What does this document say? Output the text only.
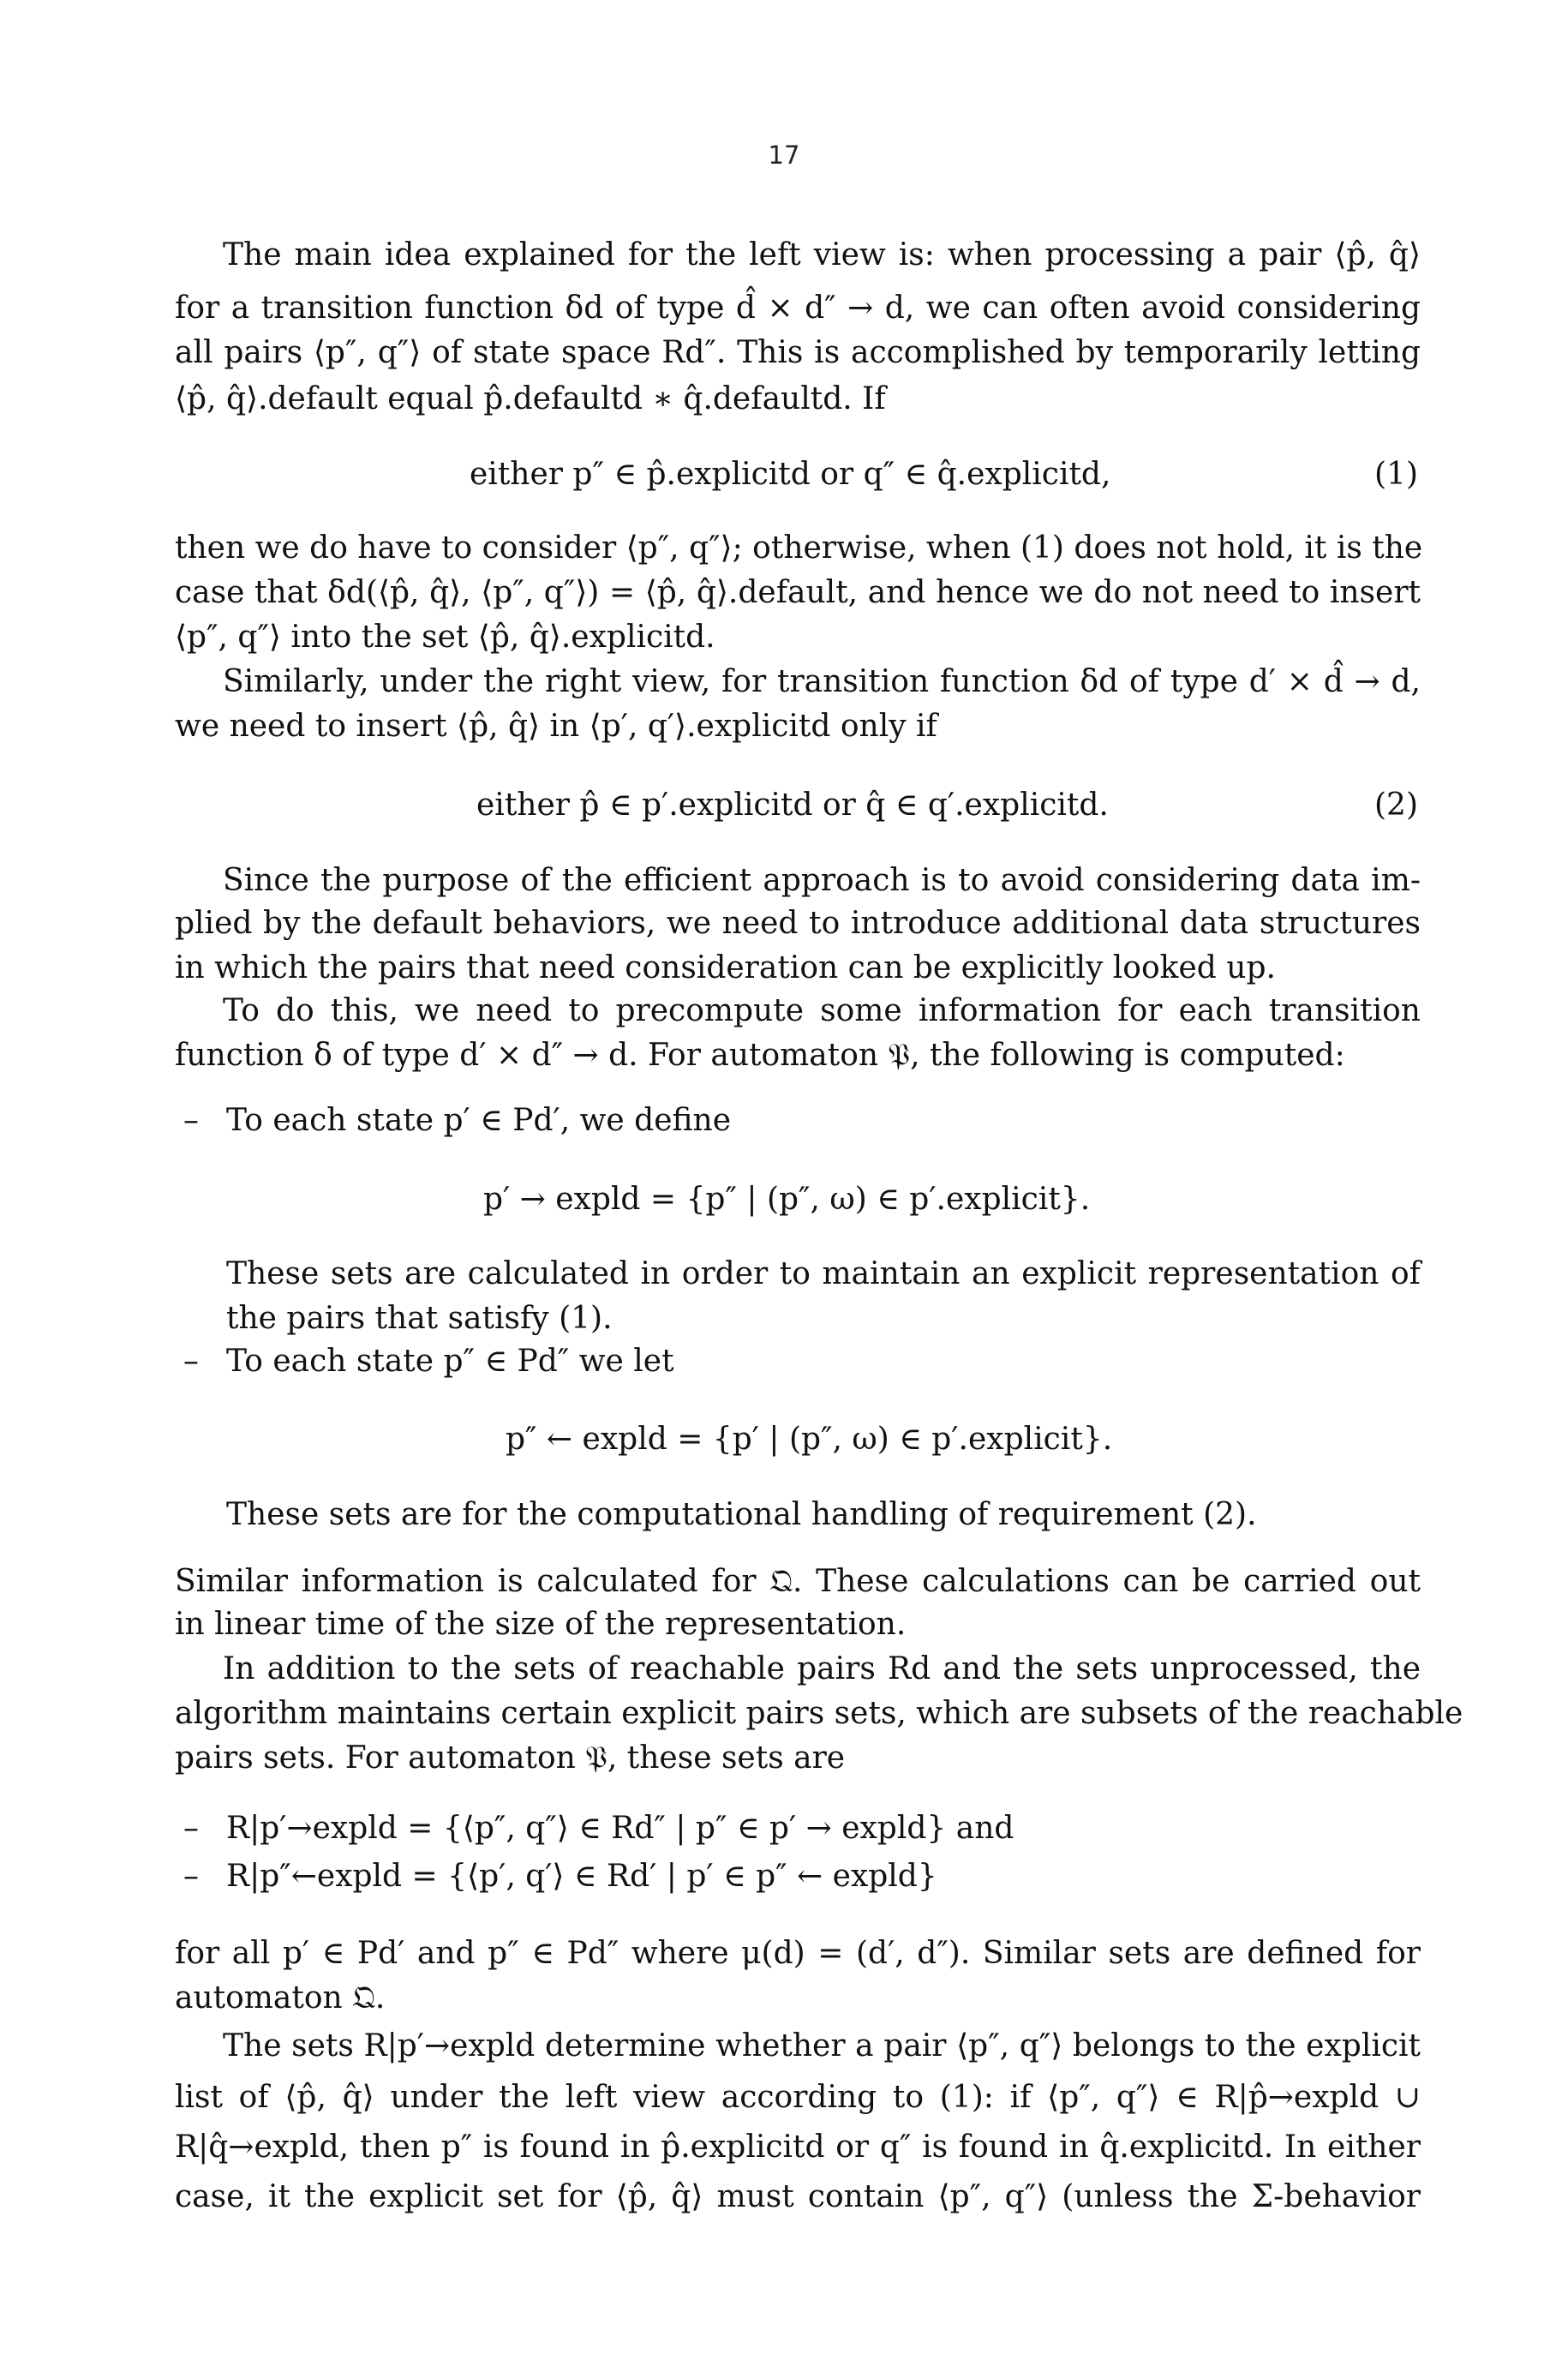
17
The main idea explained for the left view is: when processing a pair ⟨p̂, q̂⟩
for a transition function δd of type d̂ × d″ → d, we can often avoid considering
all pairs ⟨p″, q″⟩ of state space Rd″. This is accomplished by temporarily letting
⟨p̂, q̂⟩.default equal p̂.defaultd ∗ q̂.defaultd. If
either p″ ∈ p̂.explicitd or q″ ∈ q̂.explicitd,	(1)
then we do have to consider ⟨p″, q″⟩; otherwise, when (1) does not hold, it is the
case that δd(⟨p̂, q̂⟩, ⟨p″, q″⟩) = ⟨p̂, q̂⟩.default, and hence we do not need to insert
⟨p″, q″⟩ into the set ⟨p̂, q̂⟩.explicitd.
Similarly, under the right view, for transition function δd of type d′ × d̂ → d,
we need to insert ⟨p̂, q̂⟩ in ⟨p′, q′⟩.explicitd only if
either p̂ ∈ p′.explicitd or q̂ ∈ q′.explicitd.	(2)
Since the purpose of the efficient approach is to avoid considering data im-
plied by the default behaviors, we need to introduce additional data structures
in which the pairs that need consideration can be explicitly looked up.
To do this, we need to precompute some information for each transition
function δ of type d′ × d″ → d. For automaton 𝔓, the following is computed:
– To each state p′ ∈ Pd′, we define
p′ → expld = {p″ | (p″, ω) ∈ p′.explicit}.
These sets are calculated in order to maintain an explicit representation of
the pairs that satisfy (1).
– To each state p″ ∈ Pd″ we let
p″ ← expld = {p′ | (p″, ω) ∈ p′.explicit}.
These sets are for the computational handling of requirement (2).
Similar information is calculated for 𝔔. These calculations can be carried out
in linear time of the size of the representation.
In addition to the sets of reachable pairs Rd and the sets unprocessed, the
algorithm maintains certain explicit pairs sets, which are subsets of the reachable
pairs sets. For automaton 𝔓, these sets are
– R|p′→expld = {⟨p″, q″⟩ ∈ Rd″ | p″ ∈ p′ → expld} and
– R|p″←expld = {⟨p′, q′⟩ ∈ Rd′ | p′ ∈ p″ ← expld}
for all p′ ∈ Pd′ and p″ ∈ Pd″ where μ(d) = (d′, d″). Similar sets are defined for
automaton 𝔔.
The sets R|p′→expld determine whether a pair ⟨p″, q″⟩ belongs to the explicit
list of ⟨p̂, q̂⟩ under the left view according to (1): if ⟨p″, q″⟩ ∈ R|p̂→expld ∪
R|q̂→expld, then p″ is found in p̂.explicitd or q″ is found in q̂.explicitd. In either
case, it the explicit set for ⟨p̂, q̂⟩ must contain ⟨p″, q″⟩ (unless the Σ-behavior
